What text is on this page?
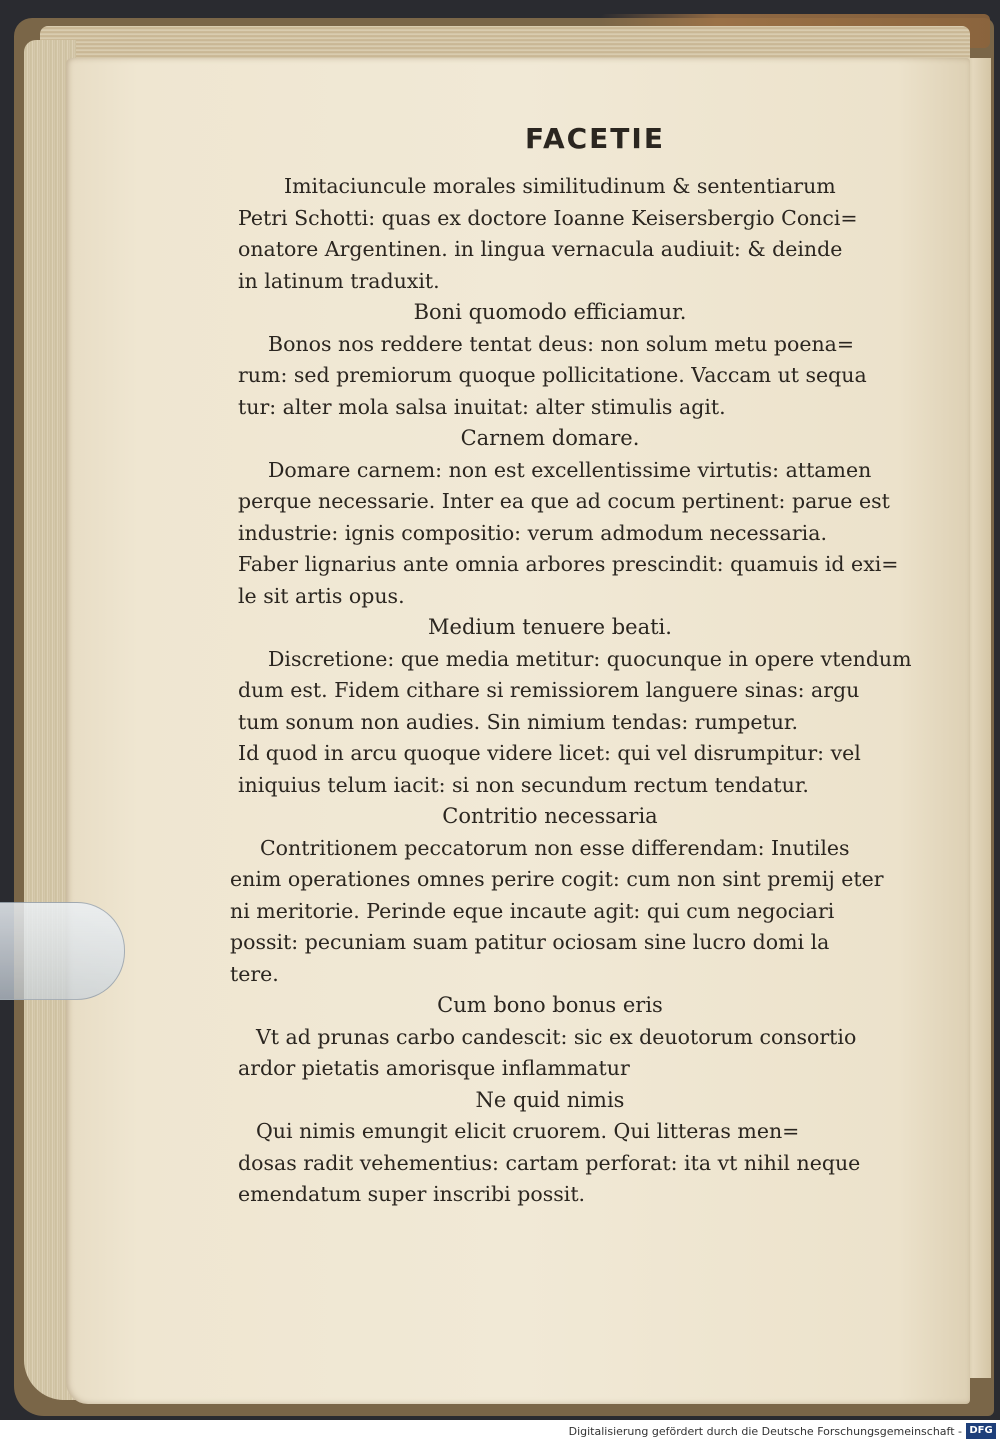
FACETIE
Imitaciuncule morales similitudinum & sententiarum
Petri Schotti: quas ex doctore Ioanne Keisersbergio Conci=
onatore Argentinen. in lingua vernacula audiuit: & deinde
in latinum traduxit.
Boni quomodo efficiamur.
Bonos nos reddere tentat deus: non solum metu poena=
rum: sed premiorum quoque pollicitatione. Vaccam ut sequa
tur: alter mola salsa inuitat: alter stimulis agit.
Carnem domare.
Domare carnem: non est excellentissime virtutis: attamen
perque necessarie. Inter ea que ad cocum pertinent: parue est
industrie: ignis compositio: verum admodum necessaria.
Faber lignarius ante omnia arbores prescindit: quamuis id exi=
le sit artis opus.
Medium tenuere beati.
Discretione: que media metitur: quocunque in opere vtendum
dum est. Fidem cithare si remissiorem languere sinas: argu
tum sonum non audies. Sin nimium tendas: rumpetur.
Id quod in arcu quoque videre licet: qui vel disrumpitur: vel
iniquius telum iacit: si non secundum rectum tendatur.
Contritio necessaria
Contritionem peccatorum non esse differendam: Inutiles
enim operationes omnes perire cogit: cum non sint premij eter
ni meritorie. Perinde eque incaute agit: qui cum negociari
possit: pecuniam suam patitur ociosam sine lucro domi la
tere.
Cum bono bonus eris
Vt ad prunas carbo candescit: sic ex deuotorum consortio
ardor pietatis amorisque inflammatur
Ne quid nimis
Qui nimis emungit elicit cruorem. Qui litteras men=
dosas radit vehementius: cartam perforat: ita vt nihil neque
emendatum super inscribi possit.
Digitalisierung gefördert durch die Deutsche Forschungsgemeinschaft - DFG
